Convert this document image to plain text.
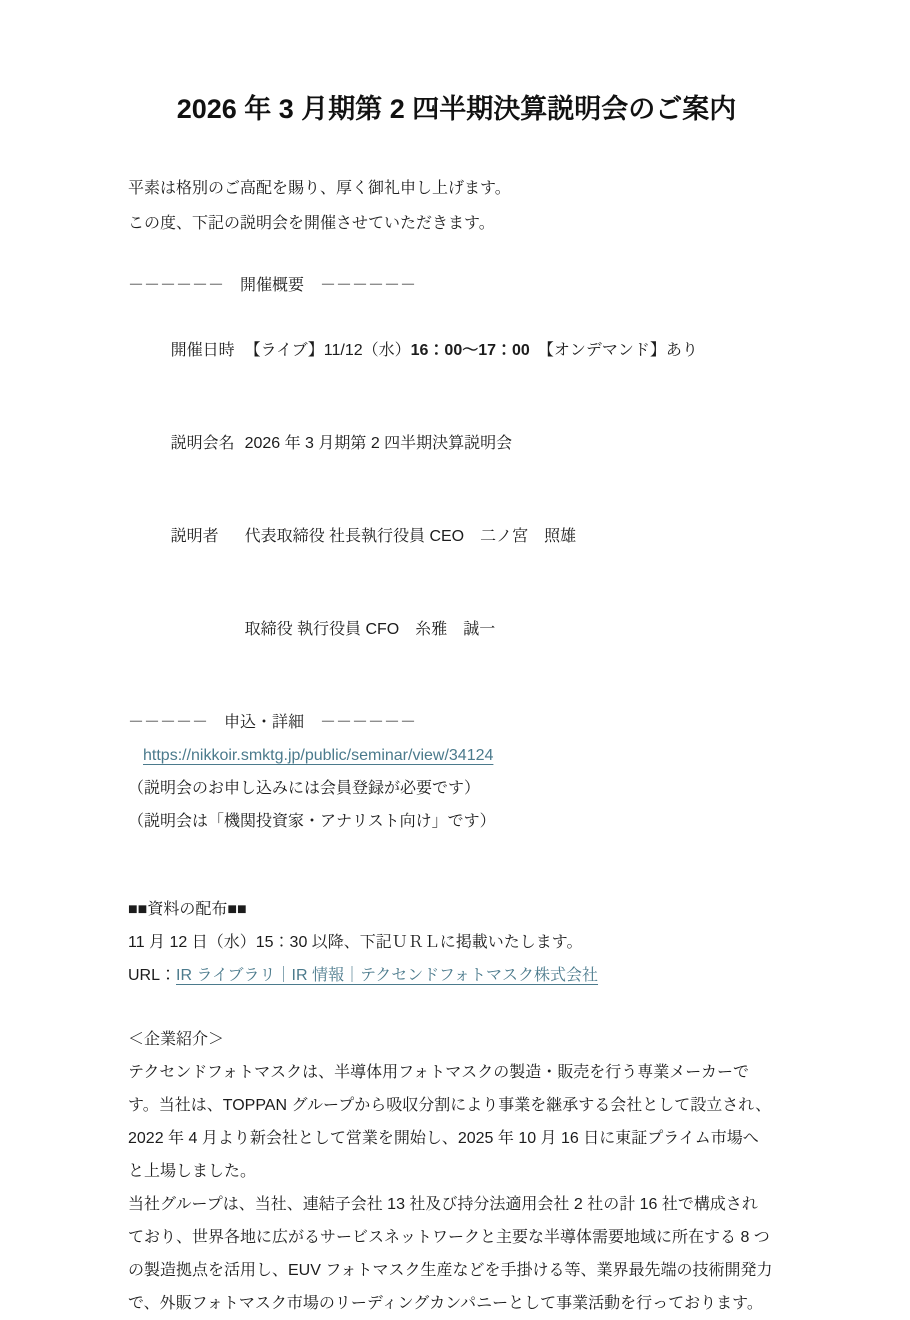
2026 年 3 月期第 2 四半期決算説明会のご案内

平素は格別のご高配を賜り、厚く御礼申し上げます。

この度、下記の説明会を開催させていただきます。

－－－－－－　開催概要　－－－－－－

開催日時 【ライブ】11/12（水）16：00～17：00　【オンデマンド】あり

説明会名 2026 年 3 月期第 2 四半期決算説明会

説明者 代表取締役 社長執行役員 CEO　二ノ宮　照雄

取締役 執行役員 CFO　糸雅　誠一

－－－－－　申込・詳細　－－－－－－
https://nikkoir.smktg.jp/public/seminar/view/34124

（説明会のお申し込みには会員登録が必要です）

（説明会は「機関投資家・アナリスト向け」です）

■■資料の配布■■
11 月 12 日（水）15：30 以降、下記ＵＲＬに掲載いたします。
URL：IR ライブラリ｜IR 情報｜テクセンドフォトマスク株式会社
＜企業紹介＞
テクセンドフォトマスクは、半導体用フォトマスクの製造・販売を行う専業メーカーで
す。当社は、TOPPAN グループから吸収分割により事業を継承する会社として設立され、
2022 年 4 月より新会社として営業を開始し、2025 年 10 月 16 日に東証プライム市場へ
と上場しました。
当社グループは、当社、連結子会社 13 社及び持分法適用会社 2 社の計 16 社で構成され
ており、世界各地に広がるサービスネットワークと主要な半導体需要地域に所在する 8 つ
の製造拠点を活用し、EUV フォトマスク生産などを手掛ける等、業界最先端の技術開発力
で、外販フォトマスク市場のリーディングカンパニーとして事業活動を行っております。
